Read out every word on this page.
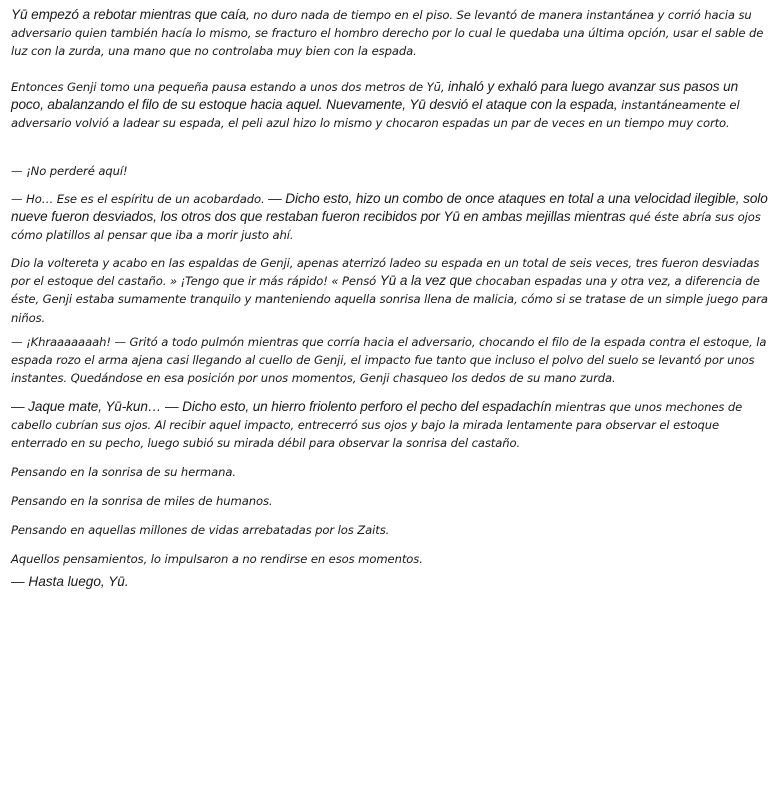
Yū empezó a rebotar mientras que caía, no duro nada de tiempo en el piso. Se levantó de manera instantánea y corrió hacia su adversario quien también hacía lo mismo, se fracturo el hombro derecho por lo cual le quedaba una última opción, usar el sable de luz con la zurda, una mano que no controlaba muy bien con la espada.

Entonces Genji tomo una pequeña pausa estando a unos dos metros de Yū, inhaló y exhaló para luego avanzar sus pasos un poco, abalanzando el filo de su estoque hacia aquel. Nuevamente, Yū desvió el ataque con la espada, instantáneamente el adversario volvió a ladear su espada, el peli azul hizo lo mismo y chocaron espadas un par de veces en un tiempo muy corto.

— ¡No perderé aquí!

— Ho… Ese es el espíritu de un acobardado. — Dicho esto, hizo un combo de once ataques en total a una velocidad ilegible, solo nueve fueron desviados, los otros dos que restaban fueron recibidos por Yū en ambas mejillas mientras qué éste abría sus ojos cómo platillos al pensar que iba a morir justo ahí.

Dio la voltereta y acabo en las espaldas de Genji, apenas aterrizó ladeo su espada en un total de seis veces, tres fueron desviadas por el estoque del castaño. » ¡Tengo que ir más rápido! « Pensó Yū a la vez que chocaban espadas una y otra vez, a diferencia de éste, Genji estaba sumamente tranquilo y manteniendo aquella sonrisa llena de malicia, cómo si se tratase de un simple juego para niños.

— ¡Khraaaaaaah! — Gritó a todo pulmón mientras que corría hacia el adversario, chocando el filo de la espada contra el estoque, la espada rozo el arma ajena casi llegando al cuello de Genji, el impacto fue tanto que incluso el polvo del suelo se levantó por unos instantes. Quedándose en esa posición por unos momentos, Genji chasqueo los dedos de su mano zurda.

— Jaque mate, Yū-kun… — Dicho esto, un hierro friolento perforo el pecho del espadachín mientras que unos mechones de cabello cubrían sus ojos. Al recibir aquel impacto, entrecerró sus ojos y bajo la mirada lentamente para observar el estoque enterrado en su pecho, luego subió su mirada débil para observar la sonrisa del castaño.

Pensando en la sonrisa de su hermana.

Pensando en la sonrisa de miles de humanos.

Pensando en aquellas millones de vidas arrebatadas por los Zaits.

Aquellos pensamientos, lo impulsaron a no rendirse en esos momentos.

— Hasta luego, Yū.
